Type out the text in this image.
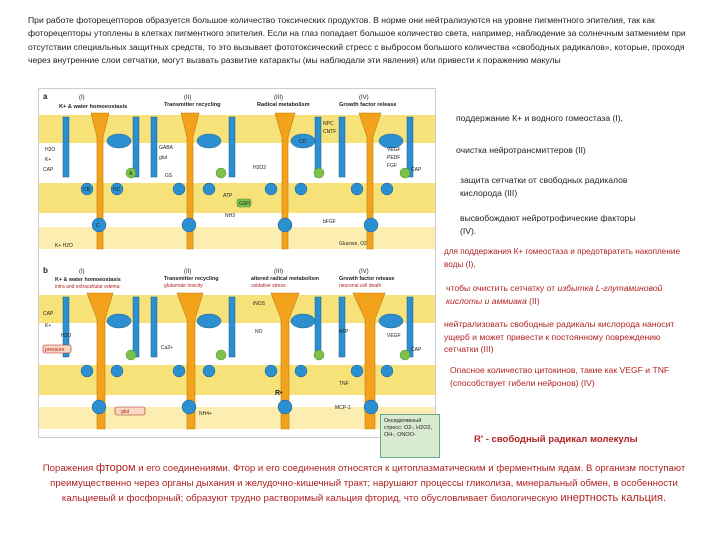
При работе фоторецепторов образуется большое количество токсических продуктов. В норме они нейтрализуются на уровне пигментного эпителия, так как фоторецепторы утоплены в клетках пигментного эпителия. Если на глаз попадает большое количество света, например, наблюдение за солнечным затмением при отсутствии специальных защитных средств, то это вызывает фототоксический стресс с выбросом большого количества «свободных радикалов», которые, проходя через внутренние слои сетчатки, могут вызвать развитие катаракты (мы наблюдали эти явления) или привести к поражению макулы
a	(I)	(II)	(III)	(IV)
K+ & water homoeostasis	Transmitter recycling	Radical metabolism	Growth factor release
H2O
K+
CAP
GABA
glut
CB	HC
A
C
GS
ATP
NH3
GSH
H2O2
CD
NPC
CNTF
VEGF
PEDF
FGF
CAP
bFGF
K+ H2O	Glucose, O2
b	(I)	(II)	(III)	(IV)
K+ & water homoeostasis	Transmitter recycling	altered radical metabolism	Growth factor release
intra and extracellular edema	glutamate toxicity	oxidative stress	neuronal cell death
CAP
K+
H2O
pressure	Ca2+
NO	ATP
TNF
VEGF
iNOS
CAP
R•
MCP-1
NH4+
glut
Оксидативный стресс: O2-, H2O2, OH-, ONOO-
поддержание К+ и водного гомеостаза (I),
очистка нейротрансмиттеров (II)
защита сетчатки от свободных радикалов кислорода (III)
высвобождают нейротрофические факторы (IV).
для поддержания К+ гомеостаза и предотвратить накопление воды (I),
чтобы очистить сетчатку от избытка L-глутаминовой кислоты и аммиака (II)
нейтрализовать свободные радикалы кислорода наносит ущерб и может привести к постоянному повреждению сетчатки (III)
Опасное количество цитокинов, такие как VEGF и TNF (способствует гибели нейронов) (IV)
R' - свободный радикал молекулы
Поражения фтором и его соединениями. Фтор и его соединения относятся к цитоплазматическим и ферментным ядам. В организм поступают преимущественно через органы дыхания и желудочно-кишечный тракт; нарушают процессы гликолиза, минеральный обмен, в особенности кальциевый и фосфорный; образуют трудно растворимый кальция фторид, что обусловливает биологическую инертность кальция.
